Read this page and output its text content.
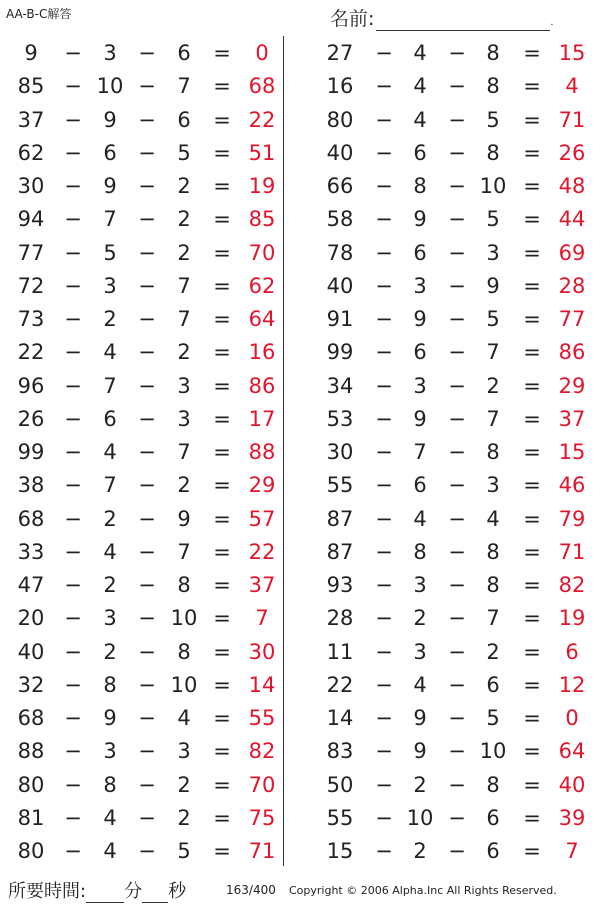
AA-B-C解答	名前:	.
9	−	3	−	6	=	0
85 − 10 −	7	= 68
37 −	9	−	6	= 22
62 −	6	−	5	= 51
30 −	9	−	2	= 19
94 −	7	−	2	= 85
77 −	5	−	2	= 70
72 −	3	−	7	= 62
73 −	2	−	7	= 64
22 −	4	−	2	= 16
96 −	7	−	3	= 86
26 −	6	−	3	= 17
99 −	4	−	7	= 88
38 −	7	−	2	= 29
68 −	2	−	9	= 57
33 −	4	−	7	= 22
47 −	2	−	8	= 37
20 −	3	− 10 =	7
40 −	2	−	8	= 30
32 −	8	− 10 = 14
68 −	9	−	4	= 55
88 −	3	−	3	= 82
80 −	8	−	2	= 70
81 −	4	−	2	= 75
80 −	4	−	5	= 71
27	− 4	− 8	= 15
16	− 4	− 8	=	4
80	− 4	− 5	= 71
40	− 6	− 8	= 26
66	− 8	− 10 = 48
58	− 9	− 5	= 44
78	− 6	− 3	= 69
40	− 3	− 9	= 28
91	− 9	− 5	= 77
99	− 6	− 7	= 86
34	− 3	− 2	= 29
53	− 9	− 7	= 37
30	− 7	− 8	= 15
55	− 6	− 3	= 46
87	− 4	− 4	= 79
87	− 8	− 8	= 71
93	− 3	− 8	= 82
28	− 2	− 7	= 19
11	− 3	− 2	=	6
22	− 4	− 6	= 12
14	− 9	− 5	=	0
83	− 9	− 10 = 64
50	− 2	− 8	= 40
55	− 10 − 6	= 39
15	− 2	− 6	=	7
所要時間: 分 秒	163/400 Copyright © 2006 Alpha.Inc All Rights Reserved.
